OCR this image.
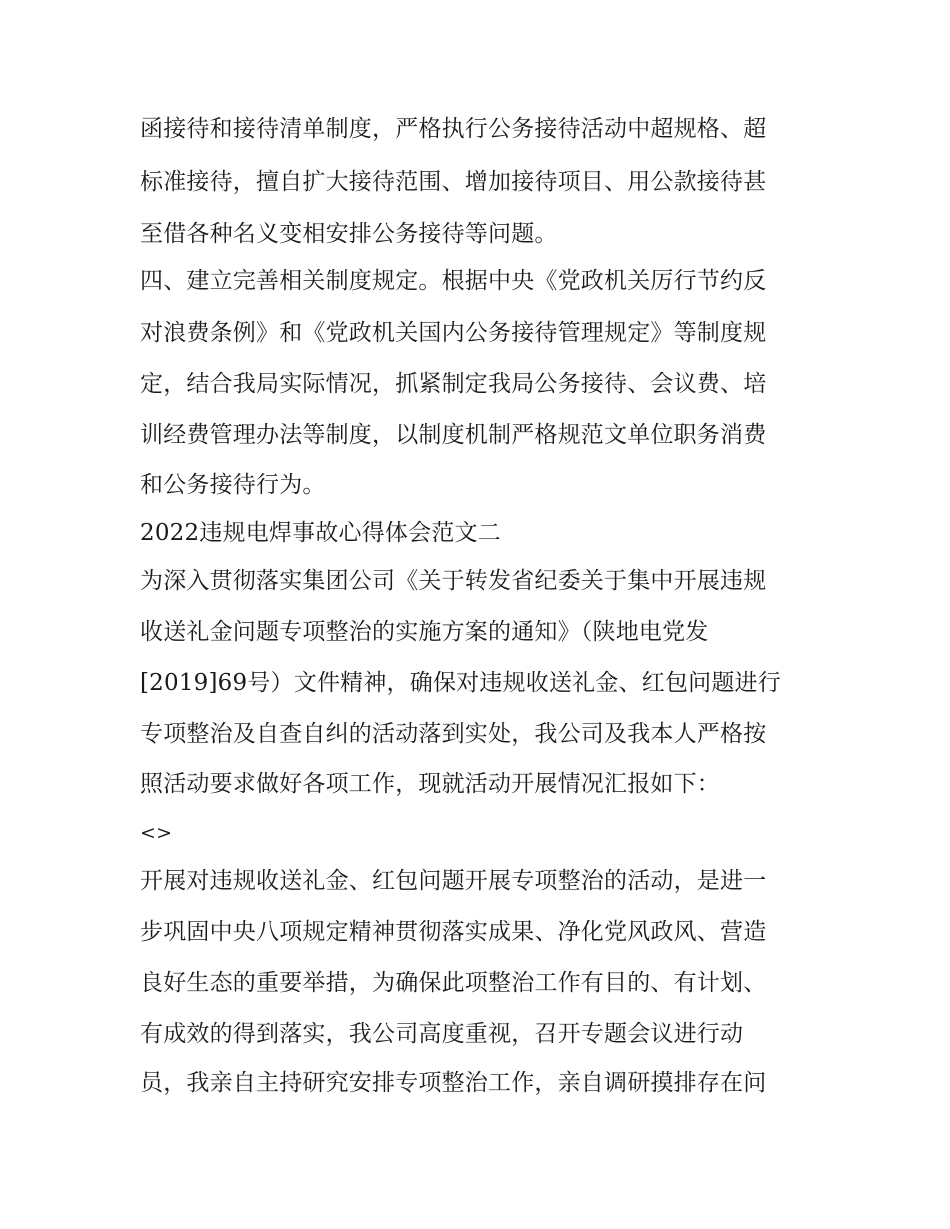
函接待和接待清单制度，严格执行公务接待活动中超规格、超

标准接待，擅自扩大接待范围、增加接待项目、用公款接待甚

至借各种名义变相安排公务接待等问题。

四、建立完善相关制度规定。根据中央《党政机关厉行节约反

对浪费条例》和《党政机关国内公务接待管理规定》等制度规

定，结合我局实际情况，抓紧制定我局公务接待、会议费、培

训经费管理办法等制度，以制度机制严格规范文单位职务消费

和公务接待行为。

2022违规电焊事故心得体会范文二

为深入贯彻落实集团公司《关于转发省纪委关于集中开展违规

收送礼金问题专项整治的实施方案的通知》（陕地电党发

[2019]69号）文件精神，确保对违规收送礼金、红包问题进行

专项整治及自查自纠的活动落到实处，我公司及我本人严格按

照活动要求做好各项工作，现就活动开展情况汇报如下：

<>

开展对违规收送礼金、红包问题开展专项整治的活动，是进一

步巩固中央八项规定精神贯彻落实成果、净化党风政风、营造

良好生态的重要举措，为确保此项整治工作有目的、有计划、

有成效的得到落实，我公司高度重视，召开专题会议进行动

员，我亲自主持研究安排专项整治工作，亲自调研摸排存在问
